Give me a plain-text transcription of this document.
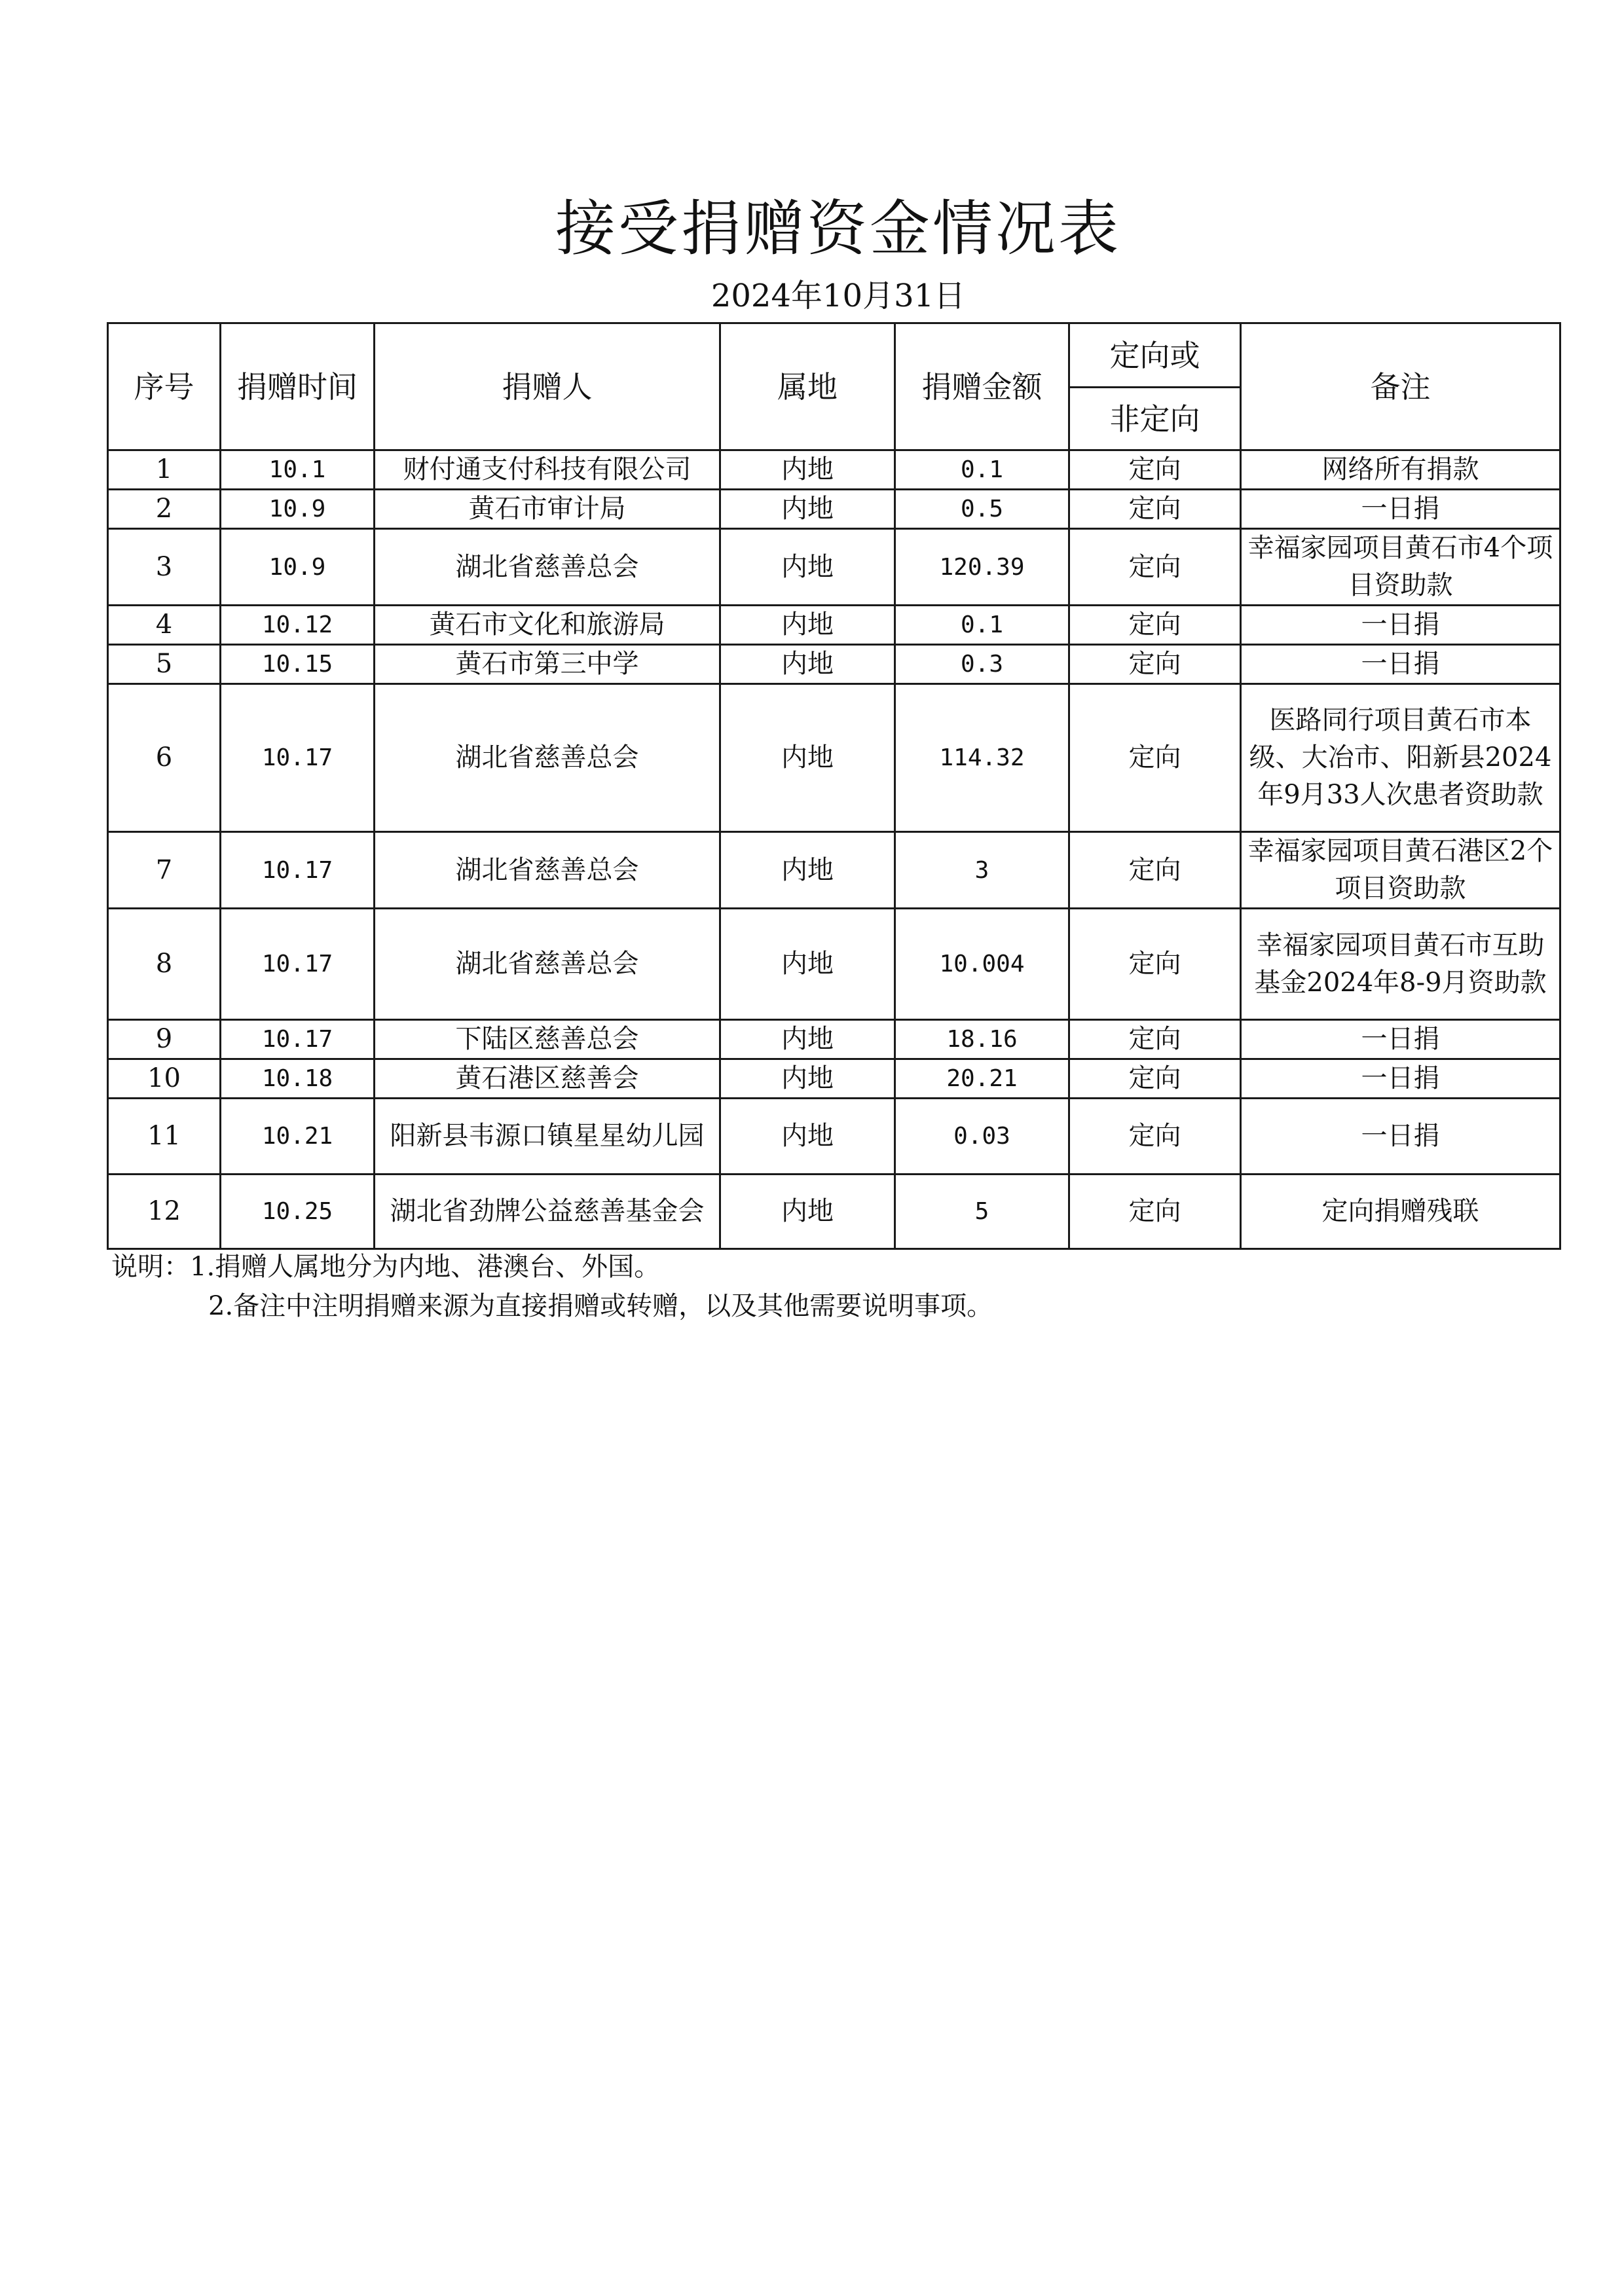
接受捐赠资金情况表
2024年10月31日
序号	捐赠时间	捐赠人	属地	捐赠金额	定向或	备注
					非定向	
1	10.1	财付通支付科技有限公司	内地	0.1	定向	网络所有捐款
2	10.9	黄石市审计局	内地	0.5	定向	一日捐
3	10.9	湖北省慈善总会	内地	120.39	定向	幸福家园项目黄石市4个项目资助款
4	10.12	黄石市文化和旅游局	内地	0.1	定向	一日捐
5	10.15	黄石市第三中学	内地	0.3	定向	一日捐
6	10.17	湖北省慈善总会	内地	114.32	定向	医路同行项目黄石市本级、大冶市、阳新县2024年9月33人次患者资助款
7	10.17	湖北省慈善总会	内地	3	定向	幸福家园项目黄石港区2个项目资助款
8	10.17	湖北省慈善总会	内地	10.004	定向	幸福家园项目黄石市互助基金2024年8-9月资助款
9	10.17	下陆区慈善总会	内地	18.16	定向	一日捐
10	10.18	黄石港区慈善会	内地	20.21	定向	一日捐
11	10.21	阳新县韦源口镇星星幼儿园	内地	0.03	定向	一日捐
12	10.25	湖北省劲牌公益慈善基金会	内地	5	定向	定向捐赠残联
说明：1.捐赠人属地分为内地、港澳台、外国。
2.备注中注明捐赠来源为直接捐赠或转赠，以及其他需要说明事项。
